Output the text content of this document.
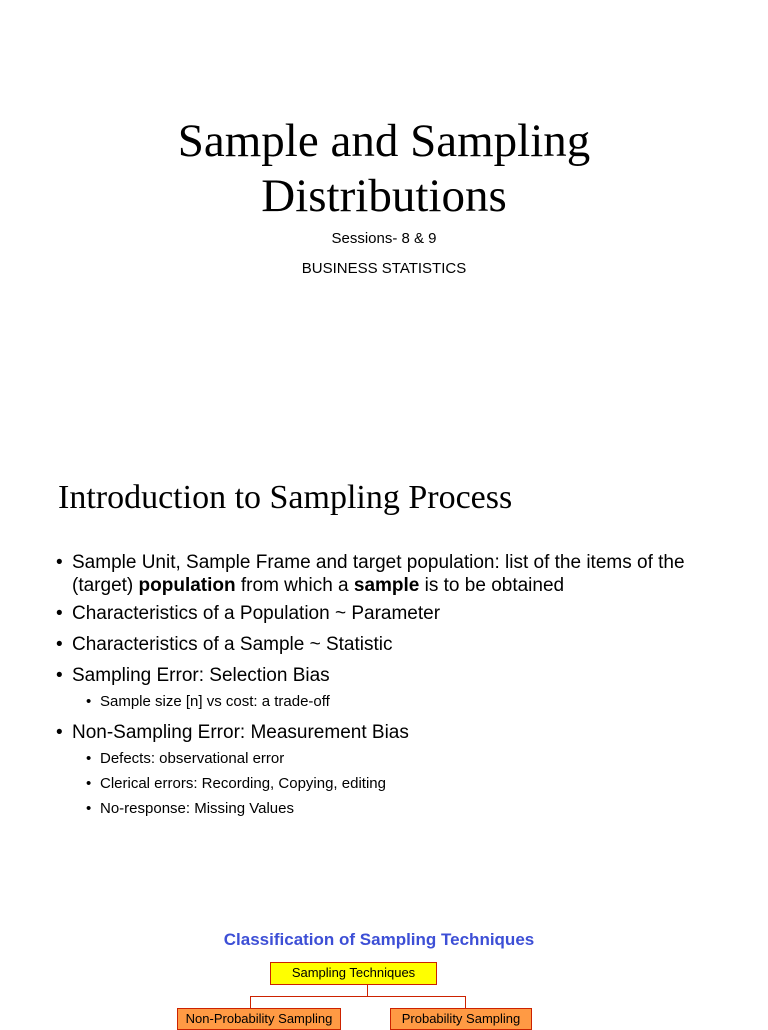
Sample and Sampling
Distributions
Sessions- 8 & 9
BUSINESS STATISTICS
Introduction to Sampling Process
• Sample Unit, Sample Frame and target population: list of the items of the (target) population from which a sample is to be obtained
• Characteristics of a Population ~ Parameter
• Characteristics of a Sample ~ Statistic
• Sampling Error: Selection Bias
• Sample size [n] vs cost: a trade-off
• Non-Sampling Error: Measurement Bias
• Defects: observational error
• Clerical errors: Recording, Copying, editing
• No-response: Missing Values
Classification of Sampling Techniques
Sampling Techniques
Non-Probability Sampling	Probability Sampling
